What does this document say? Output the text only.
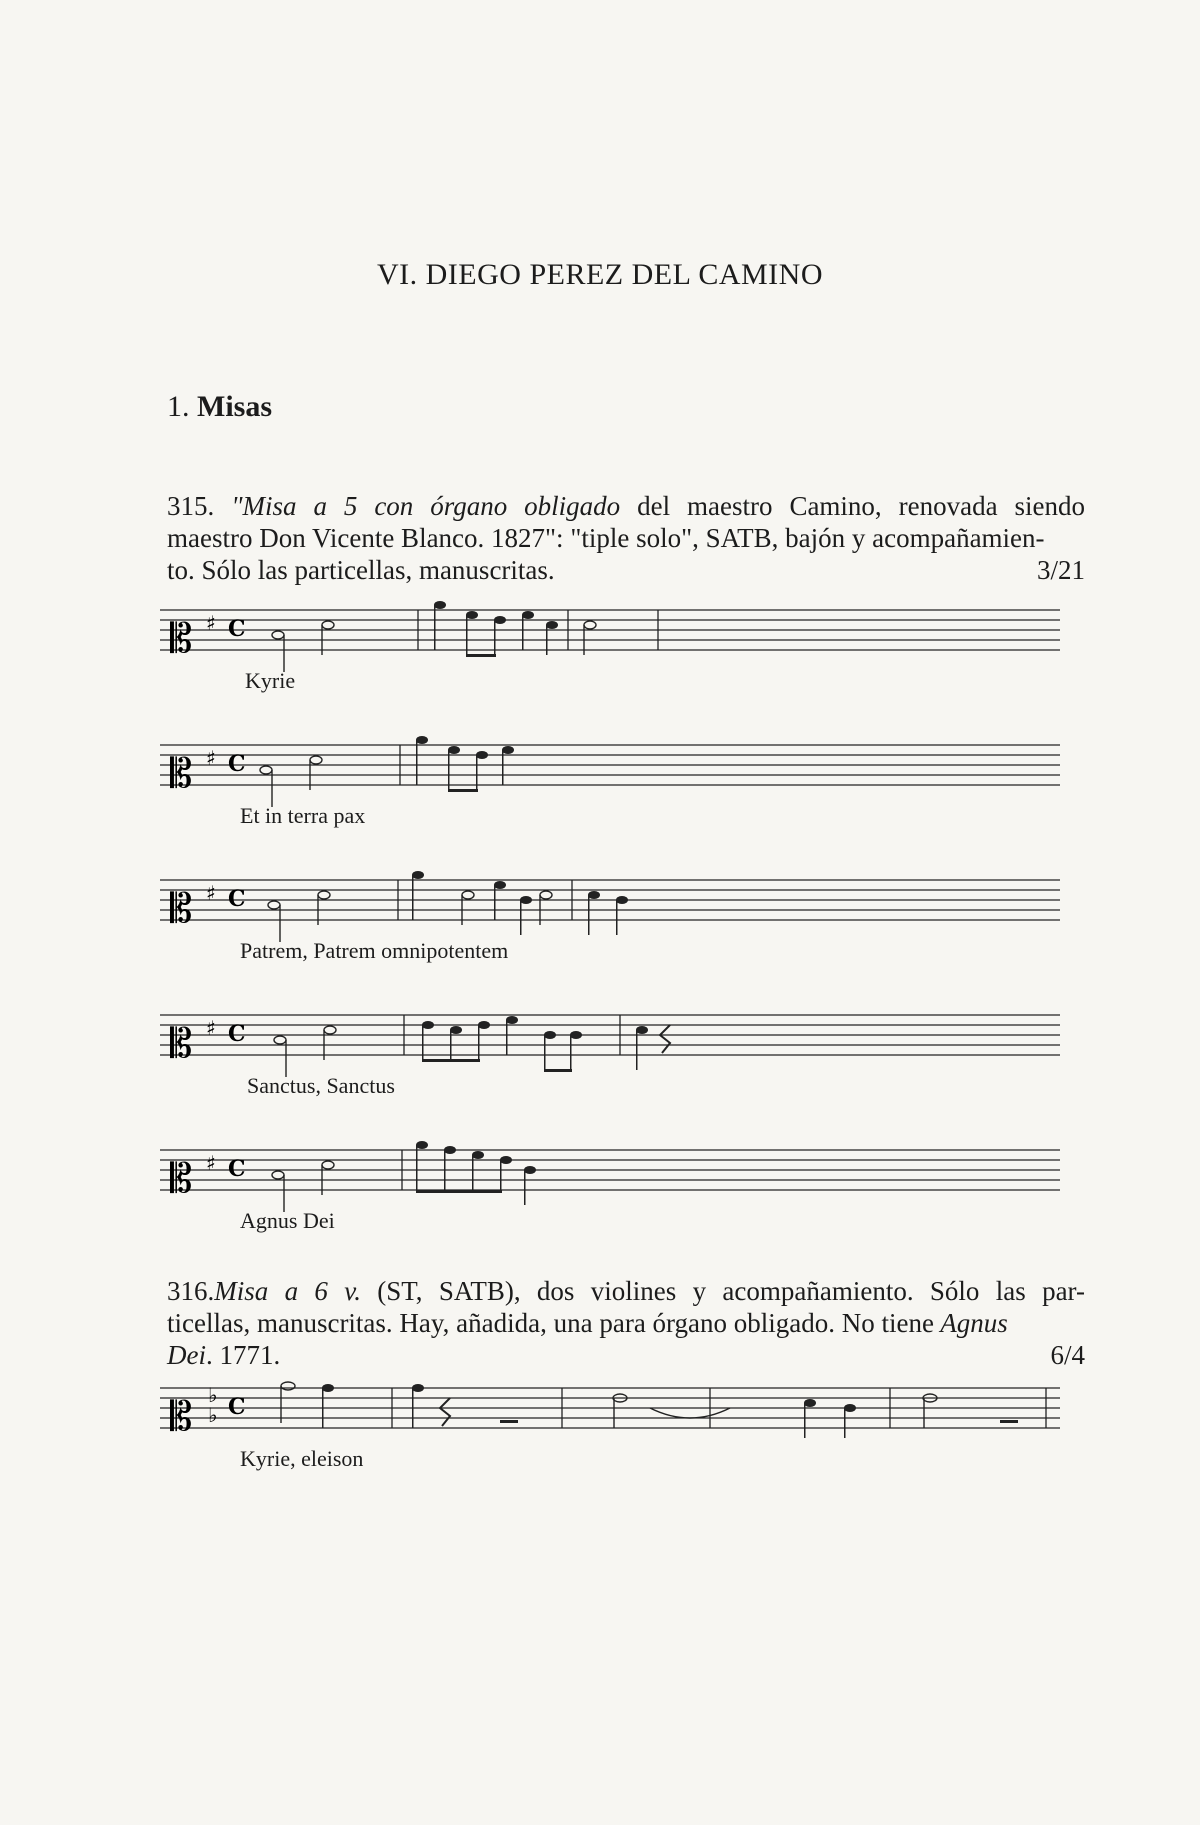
VI. DIEGO PEREZ DEL CAMINO
1. Misas
315. "Misa a 5 con órgano obligado del maestro Camino, renovada siendo
maestro Don Vicente Blanco. 1827": "tiple solo", SATB, bajón y acompañamien-
to. Sólo las particellas, manuscritas.	3/21
𝄡 ♯ C
Kyrie
𝄡 ♯ C
Et in terra pax
𝄡 ♯ C
Patrem, Patrem omnipotentem
𝄡 ♯ C
Sanctus, Sanctus
𝄡 ♯ C
Agnus Dei
316.Misa a 6 v. (ST, SATB), dos violines y acompañamiento. Sólo las par-
ticellas, manuscritas. Hay, añadida, una para órgano obligado. No tiene Agnus
Dei. 1771.	6/4
𝄡 ♭
♭ C
Kyrie, eleison
